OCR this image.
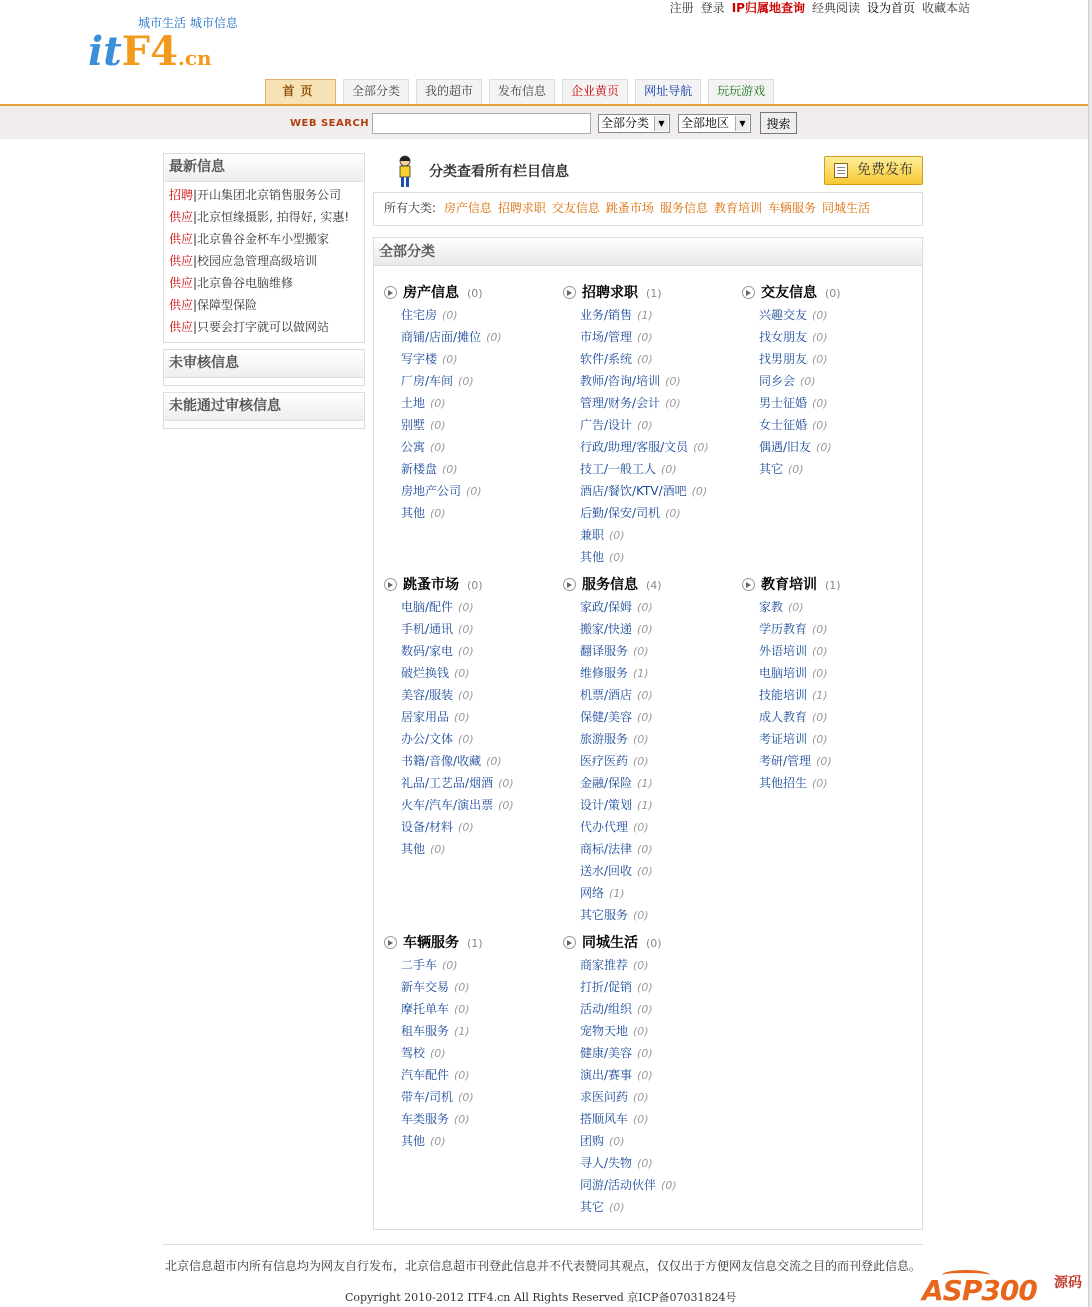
注册 登录 IP归属地查询 经典阅读 设为首页 收藏本站
城市生活 城市信息
itF4.cn
首页	全部分类 我的超市 发布信息 企业黄页 网址导航 玩玩游戏
WEB SEARCH	全部分类	▼ 全部地区	▼	搜索
最新信息
招聘|开山集团北京销售服务公司
供应|北京恒缘摄影, 拍得好, 实惠!
供应|北京鲁谷金杯车小型搬家
供应|校园应急管理高级培训
供应|北京鲁谷电脑维修
供应|保障型保险
供应|只要会打字就可以做网站
未审核信息
未能通过审核信息
分类查看所有栏目信息	免费发布
所有大类: 房产信息 招聘求职 交友信息 跳蚤市场 服务信息 教育培训 车辆服务 同城生活
全部分类
房产信息 (0)
住宅房 (0)
商铺/店面/摊位 (0)
写字楼 (0)
厂房/车间 (0)
土地 (0)
别墅 (0)
公寓 (0)
新楼盘 (0)
房地产公司 (0)
其他 (0)
招聘求职 (1)
业务/销售 (1)
市场/管理 (0)
软件/系统 (0)
教师/咨询/培训 (0)
管理/财务/会计 (0)
广告/设计 (0)
行政/助理/客服/文员 (0)
技工/一般工人 (0)
酒店/餐饮/KTV/酒吧 (0)
后勤/保安/司机 (0)
兼职 (0)
其他 (0)
交友信息 (0)
兴趣交友 (0)
找女朋友 (0)
找男朋友 (0)
同乡会 (0)
男士征婚 (0)
女士征婚 (0)
偶遇/旧友 (0)
其它 (0)
跳蚤市场 (0)
电脑/配件 (0)
手机/通讯 (0)
数码/家电 (0)
破烂换钱 (0)
美容/服装 (0)
居家用品 (0)
办公/文体 (0)
书籍/音像/收藏 (0)
礼品/工艺品/烟酒 (0)
火车/汽车/演出票 (0)
设备/材料 (0)
其他 (0)
服务信息 (4)
家政/保姆 (0)
搬家/快递 (0)
翻译服务 (0)
维修服务 (1)
机票/酒店 (0)
保健/美容 (0)
旅游服务 (0)
医疗医药 (0)
金融/保险 (1)
设计/策划 (1)
代办代理 (0)
商标/法律 (0)
送水/回收 (0)
网络 (1)
其它服务 (0)
教育培训 (1)
家教 (0)
学历教育 (0)
外语培训 (0)
电脑培训 (0)
技能培训 (1)
成人教育 (0)
考证培训 (0)
考研/管理 (0)
其他招生 (0)
车辆服务 (1)
二手车 (0)
新车交易 (0)
摩托单车 (0)
租车服务 (1)
驾校 (0)
汽车配件 (0)
带车/司机 (0)
车类服务 (0)
其他 (0)
同城生活 (0)
商家推荐 (0)
打折/促销 (0)
活动/组织 (0)
宠物天地 (0)
健康/美容 (0)
演出/赛事 (0)
求医问药 (0)
搭顺风车 (0)
团购 (0)
寻人/失物 (0)
同游/活动伙伴 (0)
其它 (0)
北京信息超市内所有信息均为网友自行发布，北京信息超市刊登此信息并不代表赞同其观点，仅仅出于方便网友信息交流之目的而刊登此信息。
Copyright 2010-2012 ITF4.cn All Rights Reserved 京ICP备07031824号	ASP300 源码
